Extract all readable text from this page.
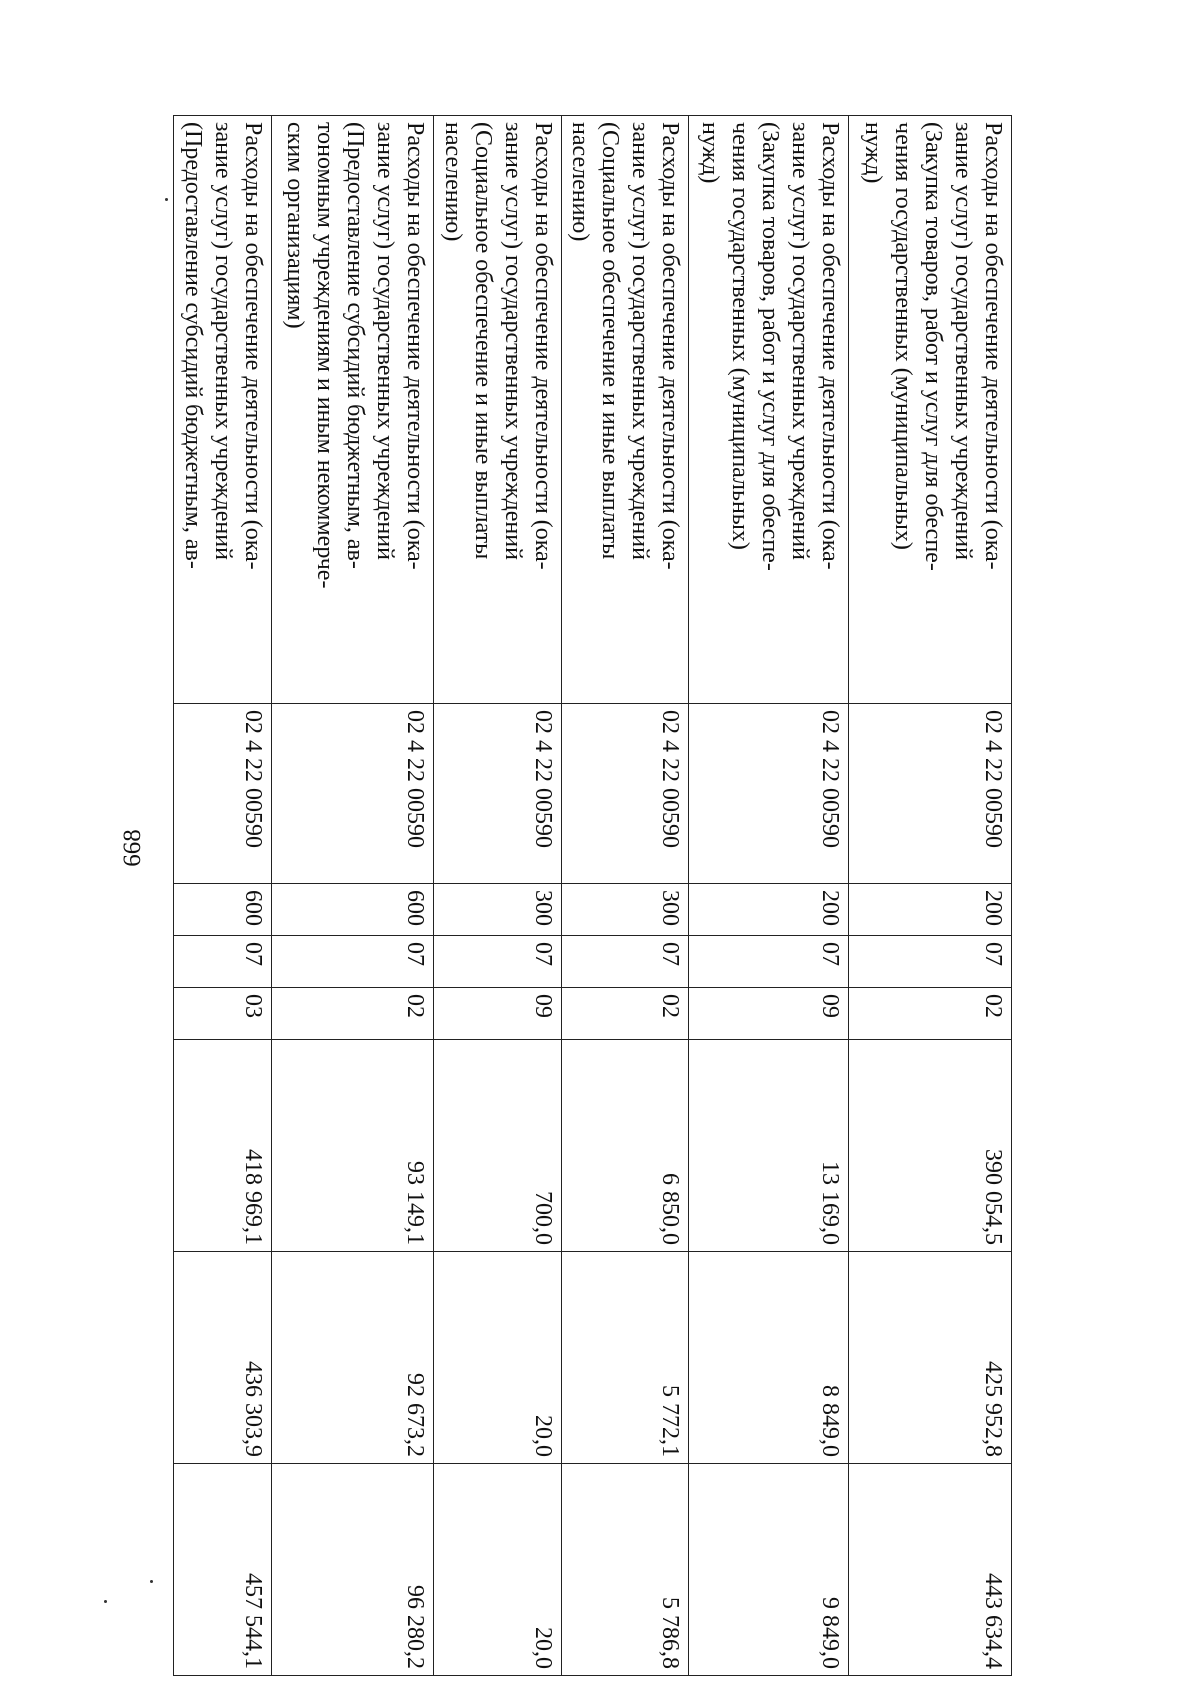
668
Расходы на обеспечение деятельности (ока-
зание услуг) государственных учреждений
(Закупка товаров, работ и услуг для обеспе-
чения государственных (муниципальных)
нужд)	02 4 22 00590	200	07	02	390 054,5	425 952,8	443 634,4

Расходы на обеспечение деятельности (ока-
зание услуг) государственных учреждений
(Закупка товаров, работ и услуг для обеспе-
чения государственных (муниципальных)
нужд)	02 4 22 00590	200	07	09	13 169,0	8 849,0	9 849,0

Расходы на обеспечение деятельности (ока-
зание услуг) государственных учреждений
(Социальное обеспечение и иные выплаты
населению)	02 4 22 00590	300	07	02	6 850,0	5 772,1	5 786,8

Расходы на обеспечение деятельности (ока-
зание услуг) государственных учреждений
(Социальное обеспечение и иные выплаты
населению)	02 4 22 00590	300	07	09	700,0	20,0	20,0

Расходы на обеспечение деятельности (ока-
зание услуг) государственных учреждений
(Предоставление субсидий бюджетным, ав-
тономным учреждениям и иным некоммерче-
ским организациям)	02 4 22 00590	600	07	02	93 149,1	92 673,2	96 280,2

Расходы на обеспечение деятельности (ока-
зание услуг) государственных учреждений
(Предоставление субсидий бюджетным, ав-	02 4 22 00590	600	07	03	418 969,1	436 303,9	457 544,1
